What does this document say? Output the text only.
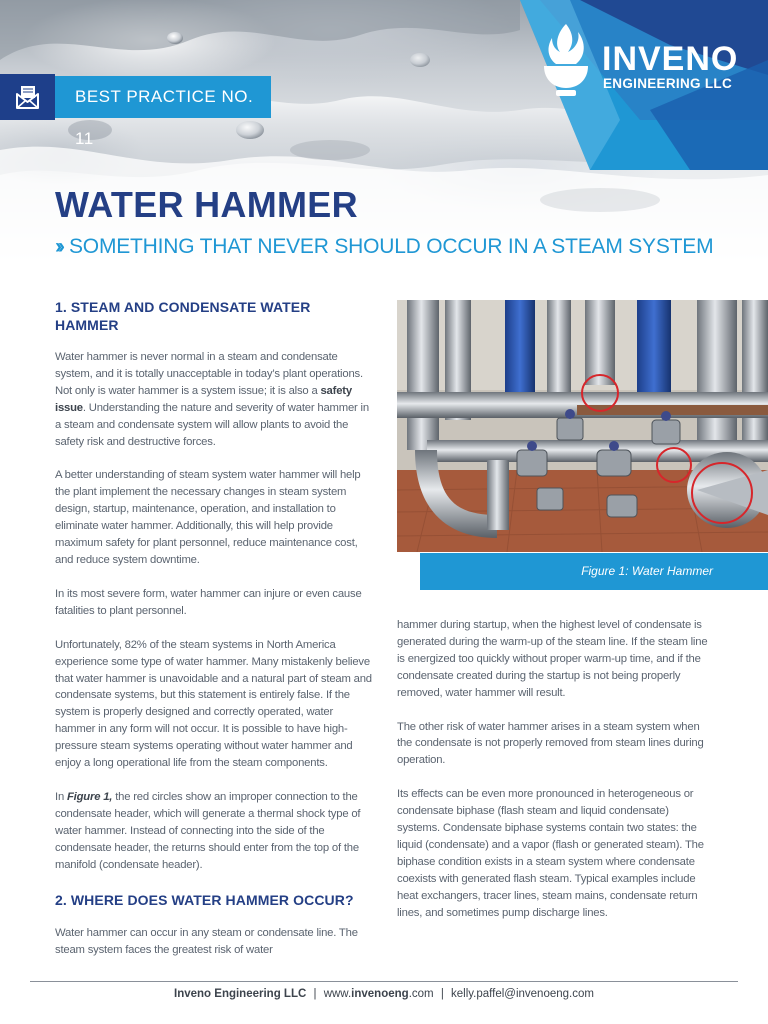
INVENO
ENGINEERING LLC
BEST PRACTICE NO. 11
WATER HAMMER
›› SOMETHING THAT NEVER SHOULD OCCUR IN A STEAM SYSTEM
1. STEAM AND CONDENSATE WATER HAMMER

Water hammer is never normal in a steam and condensate system, and it is totally unacceptable in today’s plant operations. Not only is water hammer is a system issue; it is also a safety issue. Understanding the nature and severity of water hammer in a steam and condensate system will allow plants to avoid the safety risk and destructive forces.

A better understanding of steam system water hammer will help the plant implement the necessary changes in steam system design, startup, maintenance, operation, and installation to eliminate water hammer. Additionally, this will help provide maximum safety for plant personnel, reduce maintenance cost, and reduce system downtime.

In its most severe form, water hammer can injure or even cause fatalities to plant personnel.

Unfortunately, 82% of the steam systems in North America experience some type of water hammer. Many mistakenly believe that water hammer is unavoidable and a natural part of steam and condensate systems, but this statement is entirely false. If the system is properly designed and correctly operated, water hammer in any form will not occur. It is possible to have high-pressure steam systems operating without water hammer and enjoy a long operational life from the steam components.

In Figure 1, the red circles show an improper connection to the condensate header, which will generate a thermal shock type of water hammer. Instead of connecting into the side of the condensate header, the returns should enter from the top of the manifold (condensate header).

2. WHERE DOES WATER HAMMER OCCUR?

Water hammer can occur in any steam or condensate line. The steam system faces the greatest risk of water

Figure 1: Water Hammer

hammer during startup, when the highest level of condensate is generated during the warm-up of the steam line. If the steam line is energized too quickly without proper warm-up time, and if the condensate created during the startup is not being properly removed, water hammer will result.

The other risk of water hammer arises in a steam system when the condensate is not properly removed from steam lines during operation.

Its effects can be even more pronounced in heterogeneous or condensate biphase (flash steam and liquid condensate) systems. Condensate biphase systems contain two states: the liquid (condensate) and a vapor (flash or generated steam). The biphase condition exists in a steam system where condensate coexists with generated flash steam. Typical examples include heat exchangers, tracer lines, steam mains, condensate return lines, and sometimes pump discharge lines.

Inveno Engineering LLC | www.invenoeng.com | kelly.paffel@invenoeng.com
